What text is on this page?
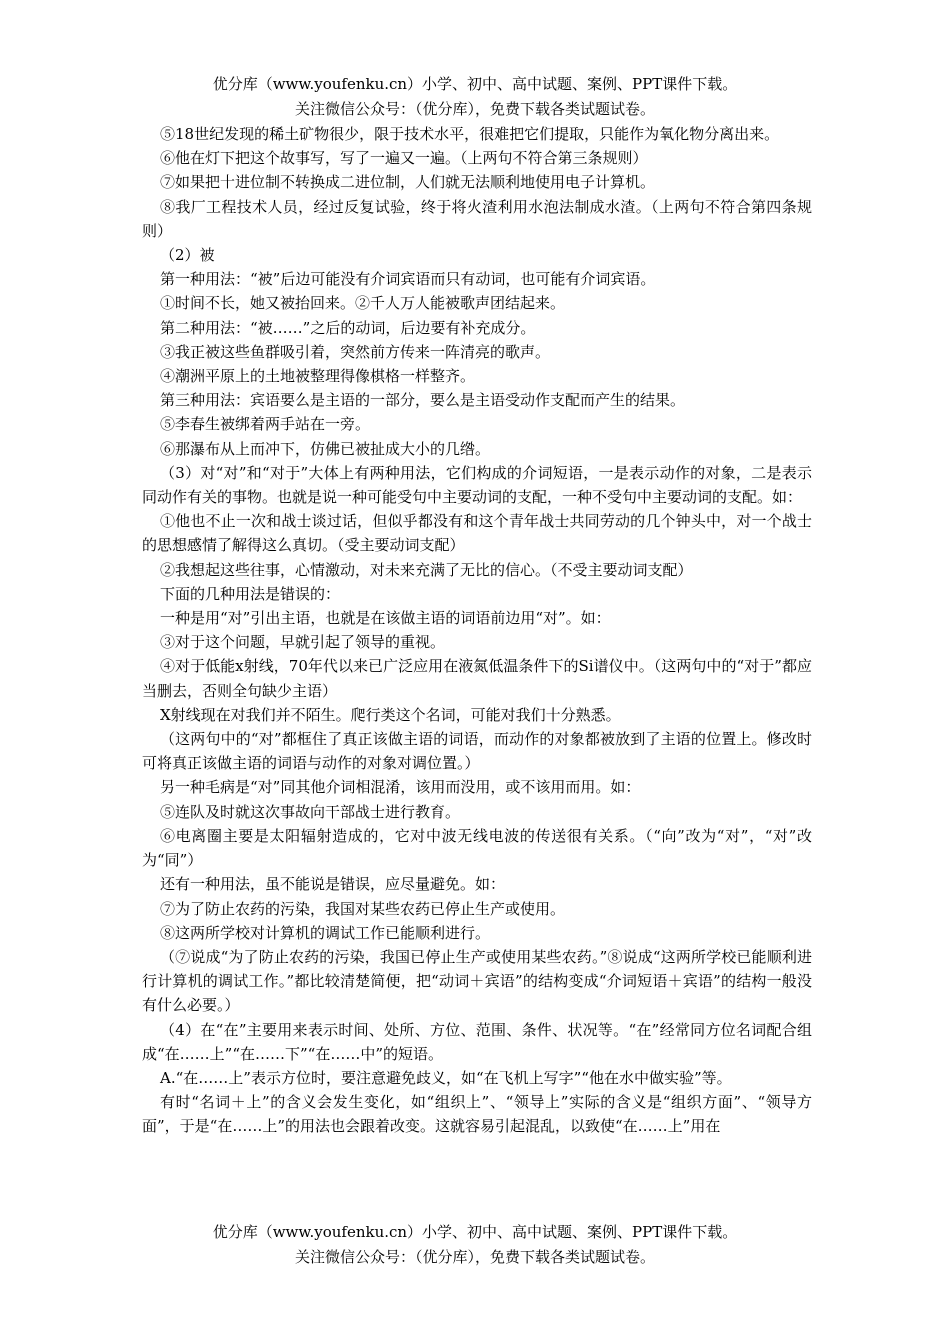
优分库（www.youfenku.cn）小学、初中、高中试题、案例、PPT课件下载。
关注微信公众号：（优分库），免费下载各类试题试卷。

⑤18世纪发现的稀土矿物很少，限于技术水平，很难把它们提取，只能作为氧化物分离出来。

⑥他在灯下把这个故事写，写了一遍又一遍。（上两句不符合第三条规则）

⑦如果把十进位制不转换成二进位制，人们就无法顺利地使用电子计算机。

⑧我厂工程技术人员，经过反复试验，终于将火渣利用水泡法制成水渣。（上两句不符合第四条规则）

（2）被

第一种用法：“被”后边可能没有介词宾语而只有动词，也可能有介词宾语。

①时间不长，她又被抬回来。②千人万人能被歌声团结起来。

第二种用法：“被……”之后的动词，后边要有补充成分。

③我正被这些鱼群吸引着，突然前方传来一阵清亮的歌声。

④潮洲平原上的土地被整理得像棋格一样整齐。

第三种用法：宾语要么是主语的一部分，要么是主语受动作支配而产生的结果。

⑤李春生被绑着两手站在一旁。

⑥那瀑布从上而冲下，仿佛已被扯成大小的几绺。

（3）对“对”和“对于”大体上有两种用法，它们构成的介词短语，一是表示动作的对象，二是表示同动作有关的事物。也就是说一种可能受句中主要动词的支配，一种不受句中主要动词的支配。如：

①他也不止一次和战士谈过话，但似乎都没有和这个青年战士共同劳动的几个钟头中，对一个战士的思想感情了解得这么真切。（受主要动词支配）

②我想起这些往事，心情激动，对未来充满了无比的信心。（不受主要动词支配）

下面的几种用法是错误的：

一种是用“对”引出主语，也就是在该做主语的词语前边用“对”。如：

③对于这个问题，早就引起了领导的重视。

④对于低能x射线，70年代以来已广泛应用在液氮低温条件下的Si谱仪中。（这两句中的“对于”都应当删去，否则全句缺少主语）

X射线现在对我们并不陌生。爬行类这个名词，可能对我们十分熟悉。

（这两句中的“对”都框住了真正该做主语的词语，而动作的对象都被放到了主语的位置上。修改时可将真正该做主语的词语与动作的对象对调位置。）

另一种毛病是“对”同其他介词相混淆，该用而没用，或不该用而用。如：

⑤连队及时就这次事故向干部战士进行教育。

⑥电离圈主要是太阳辐射造成的，它对中波无线电波的传送很有关系。（“向”改为“对”，“对”改为“同”）

还有一种用法，虽不能说是错误，应尽量避免。如：

⑦为了防止农药的污染，我国对某些农药已停止生产或使用。

⑧这两所学校对计算机的调试工作已能顺利进行。

（⑦说成“为了防止农药的污染，我国已停止生产或使用某些农药。”⑧说成“这两所学校已能顺利进行计算机的调试工作。”都比较清楚简便，把“动词＋宾语”的结构变成“介词短语＋宾语”的结构一般没有什么必要。）

（4）在“在”主要用来表示时间、处所、方位、范围、条件、状况等。“在”经常同方位名词配合组成“在……上”“在……下”“在……中”的短语。

A.“在……上”表示方位时，要注意避免歧义，如“在飞机上写字”“他在水中做实验”等。

有时“名词＋上”的含义会发生变化，如“组织上”、“领导上”实际的含义是“组织方面”、“领导方面”，于是“在……上”的用法也会跟着改变。这就容易引起混乱，以致使“在……上”用在

优分库（www.youfenku.cn）小学、初中、高中试题、案例、PPT课件下载。
关注微信公众号：（优分库），免费下载各类试题试卷。
